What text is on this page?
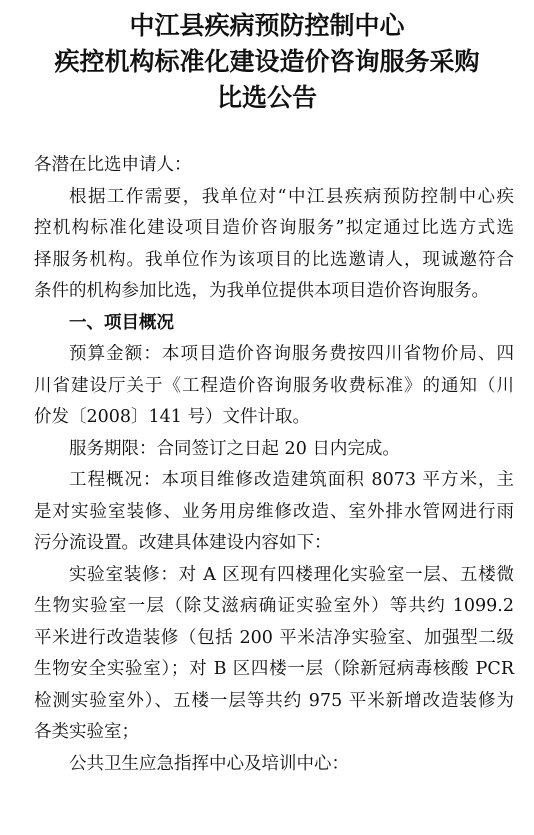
中江县疾病预防控制中心
疾控机构标准化建设造价咨询服务采购
比选公告
各潜在比选申请人：
根据工作需要，我单位对“中江县疾病预防控制中心疾
控机构标准化建设项目造价咨询服务”拟定通过比选方式选
择服务机构。我单位作为该项目的比选邀请人，现诚邀符合
条件的机构参加比选，为我单位提供本项目造价咨询服务。
一、项目概况
预算金额：本项目造价咨询服务费按四川省物价局、四
川省建设厅关于《工程造价咨询服务收费标准》的通知（川
价发〔2008〕141 号）文件计取。
服务期限：合同签订之日起 20 日内完成。
工程概况：本项目维修改造建筑面积 8073 平方米，主
是对实验室装修、业务用房维修改造、室外排水管网进行雨
污分流设置。改建具体建设内容如下：
实验室装修：对 A 区现有四楼理化实验室一层、五楼微
生物实验室一层（除艾滋病确证实验室外）等共约 1099.2
平米进行改造装修（包括 200 平米洁净实验室、加强型二级
生物安全实验室）；对 B 区四楼一层（除新冠病毒核酸 PCR
检测实验室外）、五楼一层等共约 975 平米新增改造装修为
各类实验室；
公共卫生应急指挥中心及培训中心：
